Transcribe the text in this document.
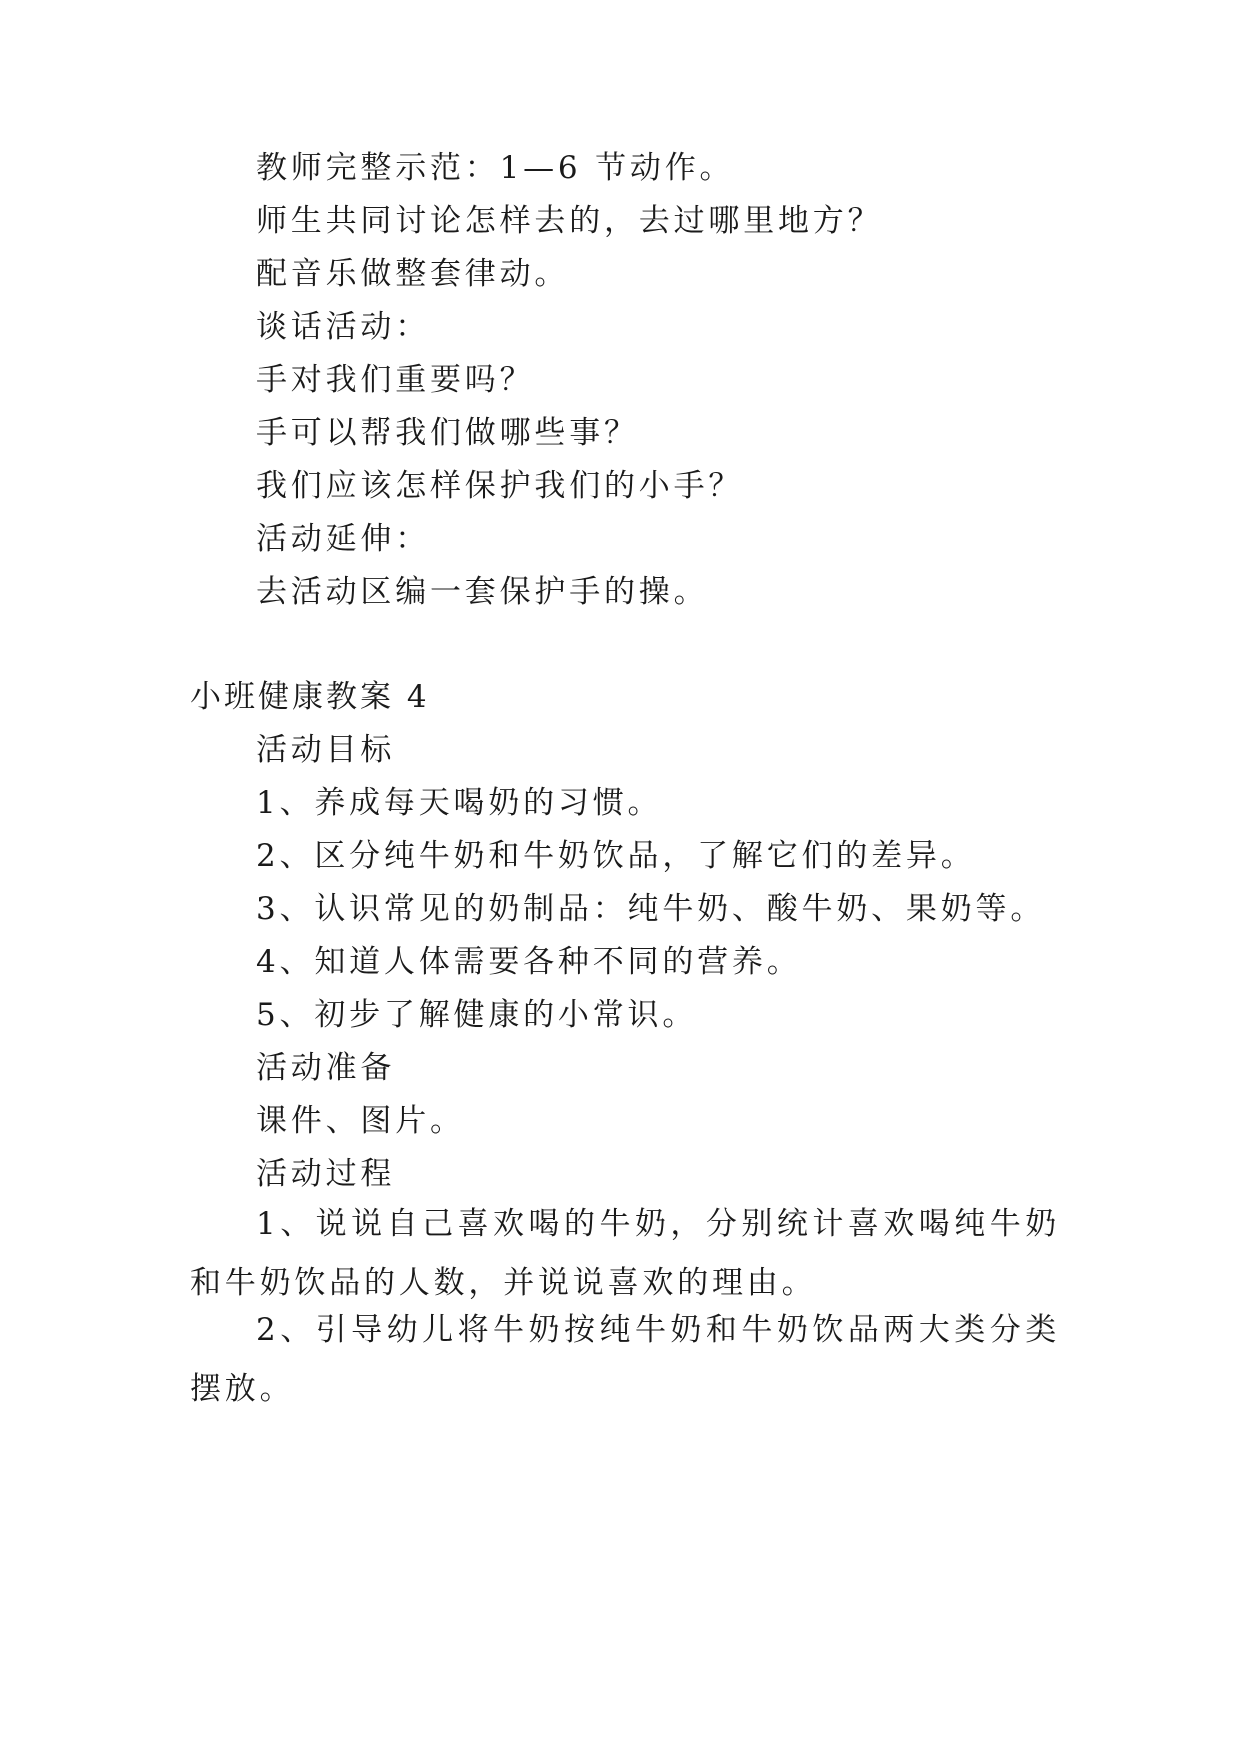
教师完整示范：1—6 节动作。
师生共同讨论怎样去的，去过哪里地方？
配音乐做整套律动。
谈话活动：
手对我们重要吗？
手可以帮我们做哪些事？
我们应该怎样保护我们的小手？
活动延伸：
去活动区编一套保护手的操。
小班健康教案 4
活动目标
1、养成每天喝奶的习惯。
2、区分纯牛奶和牛奶饮品，了解它们的差异。
3、认识常见的奶制品：纯牛奶、酸牛奶、果奶等。
4、知道人体需要各种不同的营养。
5、初步了解健康的小常识。
活动准备
课件、图片。
活动过程
1、说说自己喜欢喝的牛奶，分别统计喜欢喝纯牛奶和牛奶饮品的人数，并说说喜欢的理由。
2、引导幼儿将牛奶按纯牛奶和牛奶饮品两大类分类摆放。
